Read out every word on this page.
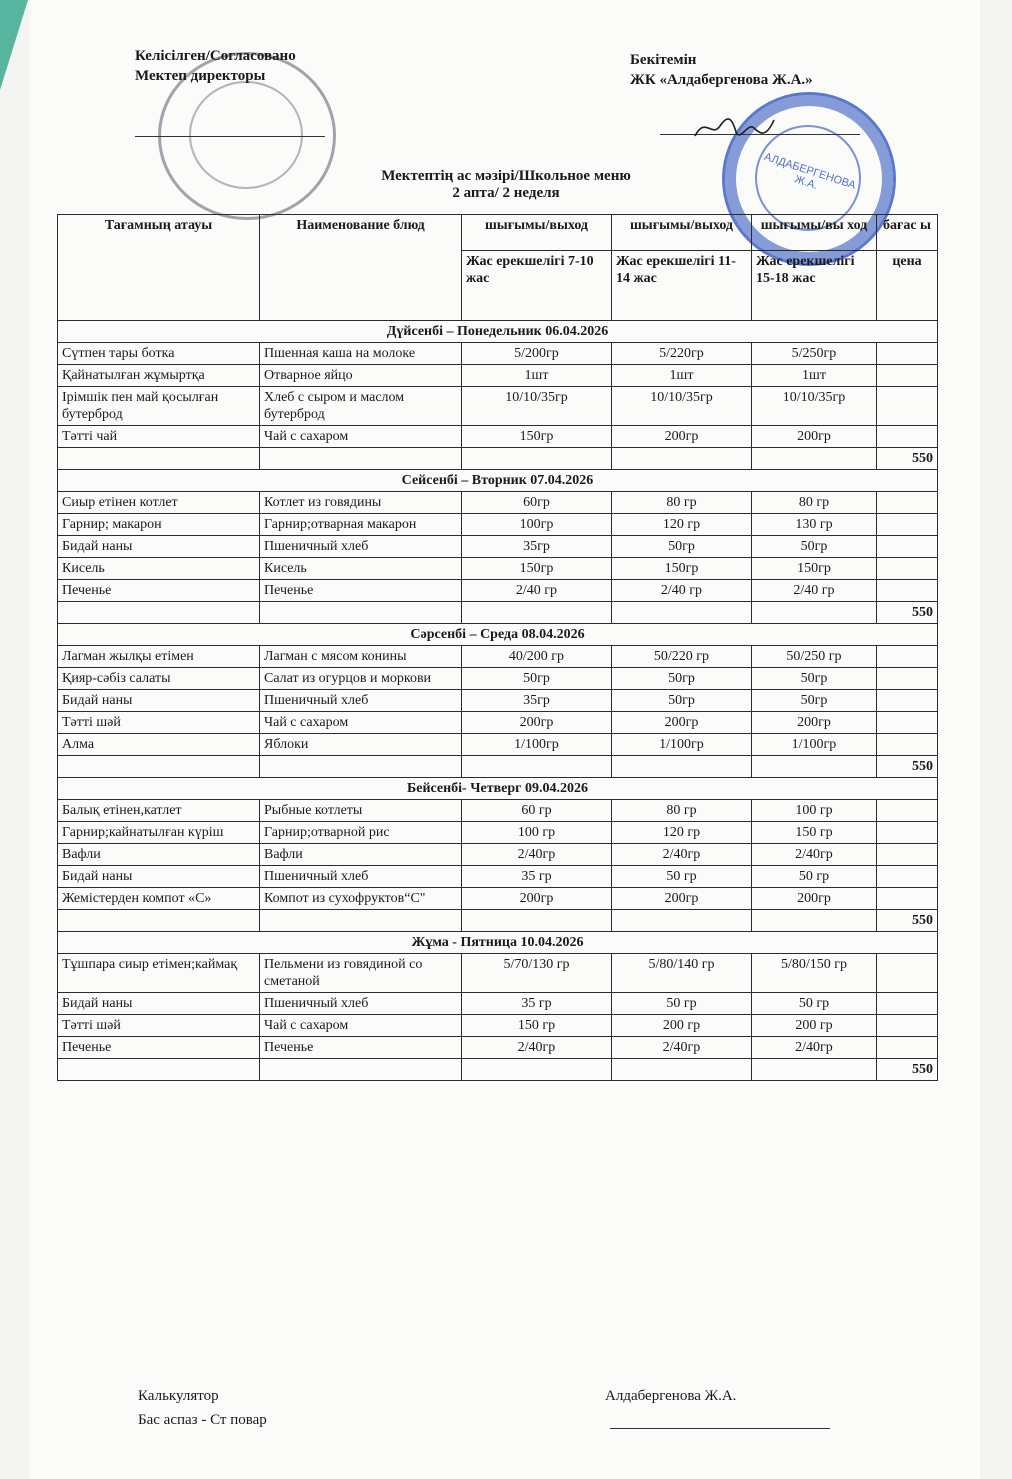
АЛДАБЕРГЕНОВА Ж.А.
Келісілген/Согласовано
Мектеп директоры
Бекітемін
ЖК «Алдабергенова Ж.А.»
Мектептің ас мәзірі/Школьное меню
2 апта/ 2 неделя
Тағамның атауы	Наименование блюд	шығымы/выход	шығымы/выход	шығымы/вы ход	бағас ы
		Жас ерекшелігі 7-10 жас	Жас ерекшелігі 11-14 жас	Жас ерекшелігі 15-18 жас	цена
Дүйсенбі – Понедельник 06.04.2026					
Сүтпен тары ботка	Пшенная каша на молоке	5/200гр	5/220гр	5/250гр	
Қайнатылған жұмыртқа	Отварное яйцо	1шт	1шт	1шт	
Ірімшік пен май қосылған бутерброд	Хлеб с сыром и маслом бутерброд	10/10/35гр	10/10/35гр	10/10/35гр	
Тәтті чай	Чай с сахаром	150гр	200гр	200гр	
					550
Сейсенбі – Вторник 07.04.2026					
Сиыр етінен котлет	Котлет из говядины	60гр	80 гр	80 гр	
Гарнир; макарон	Гарнир;отварная макарон	100гр	120 гр	130 гр	
Бидай наны	Пшеничный хлеб	35гр	50гр	50гр	
Кисель	Кисель	150гр	150гр	150гр	
Печенье	Печенье	2/40 гр	2/40 гр	2/40 гр	
					550
Сәрсенбі – Среда 08.04.2026					
Лагман жылқы етімен	Лагман с мясом конины	40/200 гр	50/220 гр	50/250 гр	
Қияр-сәбіз салаты	Салат из огурцов и моркови	50гр	50гр	50гр	
Бидай наны	Пшеничный хлеб	35гр	50гр	50гр	
Тәтті шәй	Чай с сахаром	200гр	200гр	200гр	
Алма	Яблоки	1/100гр	1/100гр	1/100гр	
					550
Бейсенбі- Четверг 09.04.2026					
Балық етінен,катлет	Рыбные котлеты	60 гр	80 гр	100 гр	
Гарнир;кайнатылған күріш	Гарнир;отварной рис	100 гр	120 гр	150 гр	
Вафли	Вафли	2/40гр	2/40гр	2/40гр	
Бидай наны	Пшеничный хлеб	35 гр	50 гр	50 гр	
Жемістерден компот «С»	Компот из сухофруктов“С"	200гр	200гр	200гр	
					550
Жұма - Пятница 10.04.2026					
Тұшпара сиыр етімен;каймақ	Пельмени из говядиной со сметаной	5/70/130 гр	5/80/140 гр	5/80/150 гр	
Бидай наны	Пшеничный хлеб	35 гр	50 гр	50 гр	
Тәтті шәй	Чай с сахаром	150 гр	200 гр	200 гр	
Печенье	Печенье	2/40гр	2/40гр	2/40гр	
					550
Калькулятор
Бас аспаз - Ст повар
Алдабергенова Ж.А.
